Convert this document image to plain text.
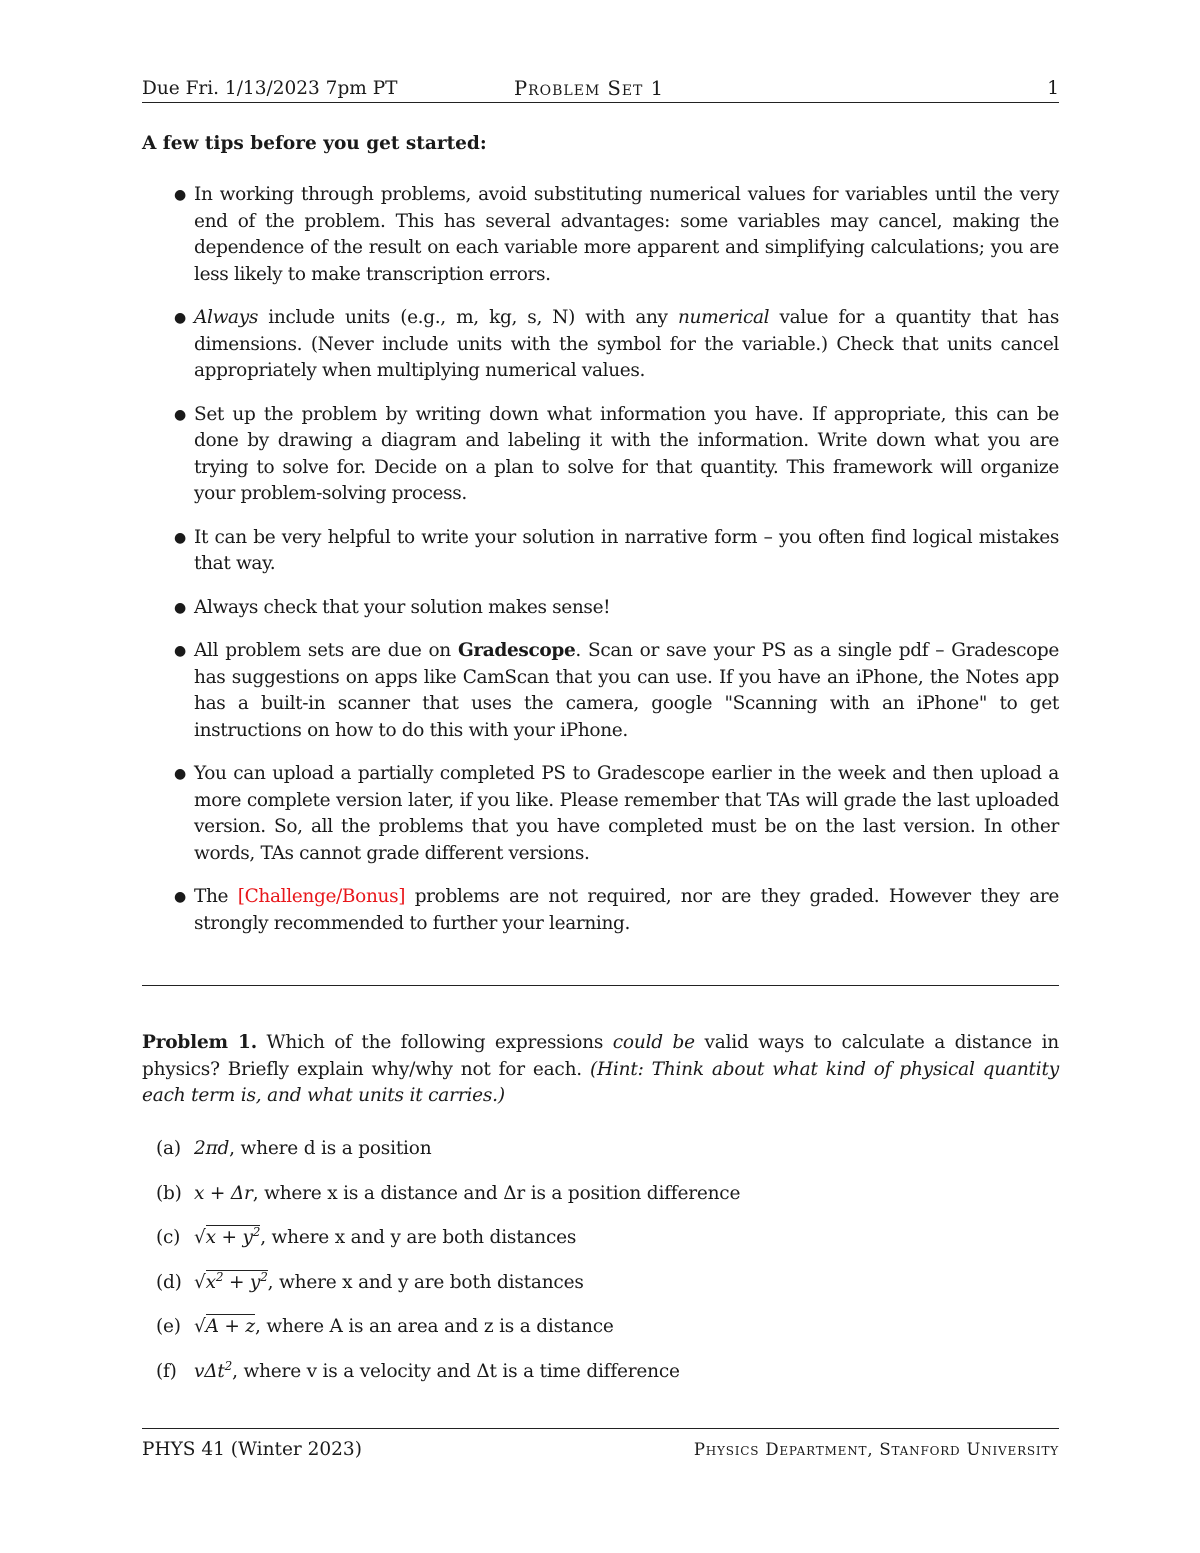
Due Fri. 1/13/2023 7pm PT	Problem Set 1	1
A few tips before you get started:
● In working through problems, avoid substituting numerical values for variables until the very end of the problem. This has several advantages: some variables may cancel, making the dependence of the result on each variable more apparent and simplifying calculations; you are less likely to make transcription errors.
● Always include units (e.g., m, kg, s, N) with any numerical value for a quantity that has dimensions. (Never include units with the symbol for the variable.) Check that units cancel appropriately when multiplying numerical values.
● Set up the problem by writing down what information you have. If appropriate, this can be done by drawing a diagram and labeling it with the information. Write down what you are trying to solve for. Decide on a plan to solve for that quantity. This framework will organize your problem-solving process.
● It can be very helpful to write your solution in narrative form – you often find logical mistakes that way.
● Always check that your solution makes sense!
● All problem sets are due on Gradescope. Scan or save your PS as a single pdf – Gradescope has suggestions on apps like CamScan that you can use. If you have an iPhone, the Notes app has a built-in scanner that uses the camera, google "Scanning with an iPhone" to get instructions on how to do this with your iPhone.
● You can upload a partially completed PS to Gradescope earlier in the week and then upload a more complete version later, if you like. Please remember that TAs will grade the last uploaded version. So, all the problems that you have completed must be on the last version. In other words, TAs cannot grade different versions.
● The [Challenge/Bonus] problems are not required, nor are they graded. However they are strongly recommended to further your learning.
Problem 1. Which of the following expressions could be valid ways to calculate a distance in physics? Briefly explain why/why not for each. (Hint: Think about what kind of physical quantity each term is, and what units it carries.)
(a) 2πd, where d is a position
(b) x + Δr, where x is a distance and Δr is a position difference
(c) $√x + y^2$, where x and y are both distances
(d) $√x^2 + y^2$, where x and y are both distances
(e) √A + z, where A is an area and z is a distance
(f) vΔt$^2$, where v is a velocity and Δt is a time difference
PHYS 41 (Winter 2023)	Physics Department, Stanford University
